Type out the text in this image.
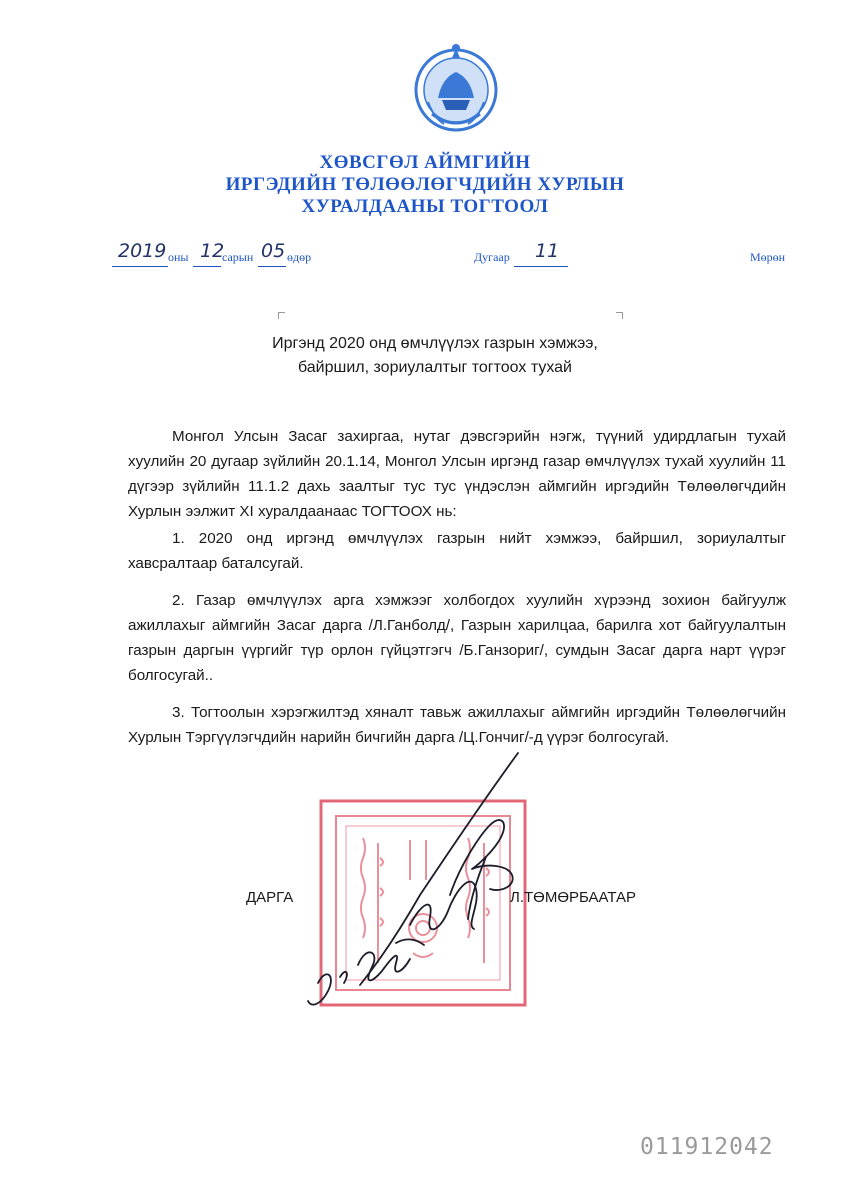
ХӨВСГӨЛ АЙМГИЙН
ИРГЭДИЙН ТӨЛӨӨЛӨГЧДИЙН ХУРЛЫН
ХУРАЛДААНЫ ТОГТООЛ
2019 оны 12
сарын 05 өдөр	Дугаар 11	Мөрөн
Иргэнд 2020 онд өмчлүүлэх газрын хэмжээ,
байршил, зориулалтыг тогтоох тухай

Монгол Улсын Засаг захиргаа, нутаг дэвсгэрийн нэгж, түүний удирдлагын тухай хуулийн 20 дугаар зүйлийн 20.1.14, Монгол Улсын иргэнд газар өмчлүүлэх тухай хуулийн 11 дүгээр зүйлийн 11.1.2 дахь заалтыг тус тус үндэслэн аймгийн иргэдийн Төлөөлөгчдийн Хурлын ээлжит XI хуралдаанаас ТОГТООХ нь:

1. 2020 онд иргэнд өмчлүүлэх газрын нийт хэмжээ, байршил, зориулалтыг хавсралтаар баталсугай.

2. Газар өмчлүүлэх арга хэмжээг холбогдох хуулийн хүрээнд зохион байгуулж ажиллахыг аймгийн Засаг дарга /Л.Ганболд/, Газрын харилцаа, барилга хот байгуулалтын газрын даргын үүргийг түр орлон гүйцэтгэгч /Б.Ганзориг/, сумдын Засаг дарга нарт үүрэг болгосугай..

3. Тогтоолын хэрэгжилтэд хяналт тавьж ажиллахыг аймгийн иргэдийн Төлөөлөгчийн Хурлын Тэргүүлэгчдийн нарийн бичгийн дарга /Ц.Гончиг/-д үүрэг болгосугай.

ДАРГА	Л.ТӨМӨРБААТАР
011912042
